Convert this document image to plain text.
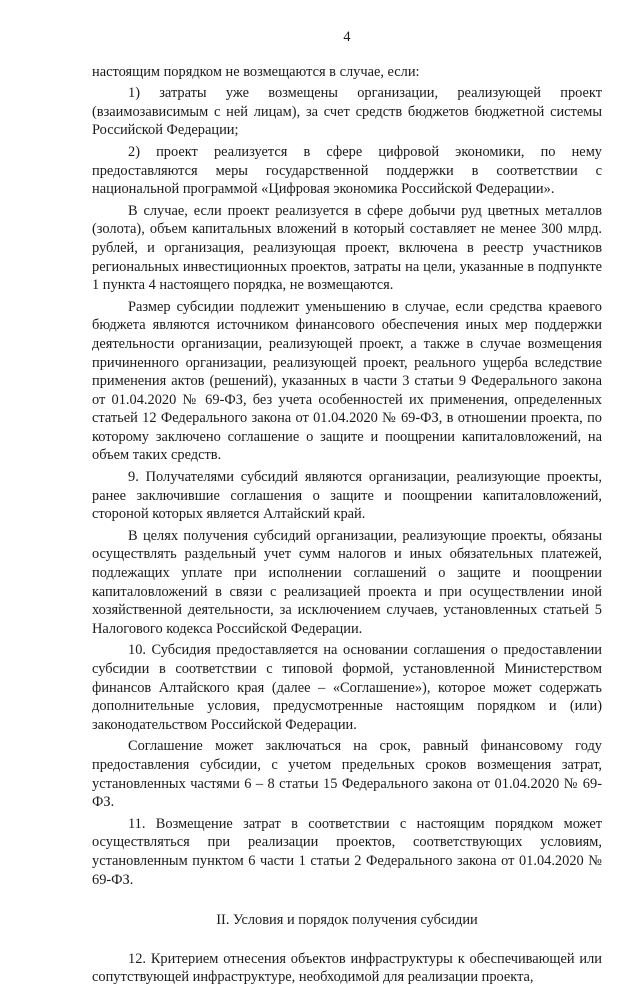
4

настоящим порядком не возмещаются в случае, если:

1) затраты уже возмещены организации, реализующей проект (взаимозависимым с ней лицам), за счет средств бюджетов бюджетной системы Российской Федерации;

2) проект реализуется в сфере цифровой экономики, по нему предоставляются меры государственной поддержки в соответствии с национальной программой «Цифровая экономика Российской Федерации».

В случае, если проект реализуется в сфере добычи руд цветных металлов (золота), объем капитальных вложений в который составляет не менее 300 млрд. рублей, и организация, реализующая проект, включена в реестр участников региональных инвестиционных проектов, затраты на цели, указанные в подпункте 1 пункта 4 настоящего порядка, не возмещаются.

Размер субсидии подлежит уменьшению в случае, если средства краевого бюджета являются источником финансового обеспечения иных мер поддержки деятельности организации, реализующей проект, а также в случае возмещения причиненного организации, реализующей проект, реального ущерба вследствие применения актов (решений), указанных в части 3 статьи 9 Федерального закона от 01.04.2020 № 69-ФЗ, без учета особенностей их применения, определенных статьей 12 Федерального закона от 01.04.2020 № 69-ФЗ, в отношении проекта, по которому заключено соглашение о защите и поощрении капиталовложений, на объем таких средств.

9. Получателями субсидий являются организации, реализующие проекты, ранее заключившие соглашения о защите и поощрении капиталовложений, стороной которых является Алтайский край.

В целях получения субсидий организации, реализующие проекты, обязаны осуществлять раздельный учет сумм налогов и иных обязательных платежей, подлежащих уплате при исполнении соглашений о защите и поощрении капиталовложений в связи с реализацией проекта и при осуществлении иной хозяйственной деятельности, за исключением случаев, установленных статьей 5 Налогового кодекса Российской Федерации.

10. Субсидия предоставляется на основании соглашения о предоставлении субсидии в соответствии с типовой формой, установленной Министерством финансов Алтайского края (далее – «Соглашение»), которое может содержать дополнительные условия, предусмотренные настоящим порядком и (или) законодательством Российской Федерации.

Соглашение может заключаться на срок, равный финансовому году предоставления субсидии, с учетом предельных сроков возмещения затрат, установленных частями 6 – 8 статьи 15 Федерального закона от 01.04.2020 № 69-ФЗ.

11. Возмещение затрат в соответствии с настоящим порядком может осуществляться при реализации проектов, соответствующих условиям, установленным пунктом 6 части 1 статьи 2 Федерального закона от 01.04.2020 № 69-ФЗ.

II. Условия и порядок получения субсидии

12. Критерием отнесения объектов инфраструктуры к обеспечивающей или сопутствующей инфраструктуре, необходимой для реализации проекта,
